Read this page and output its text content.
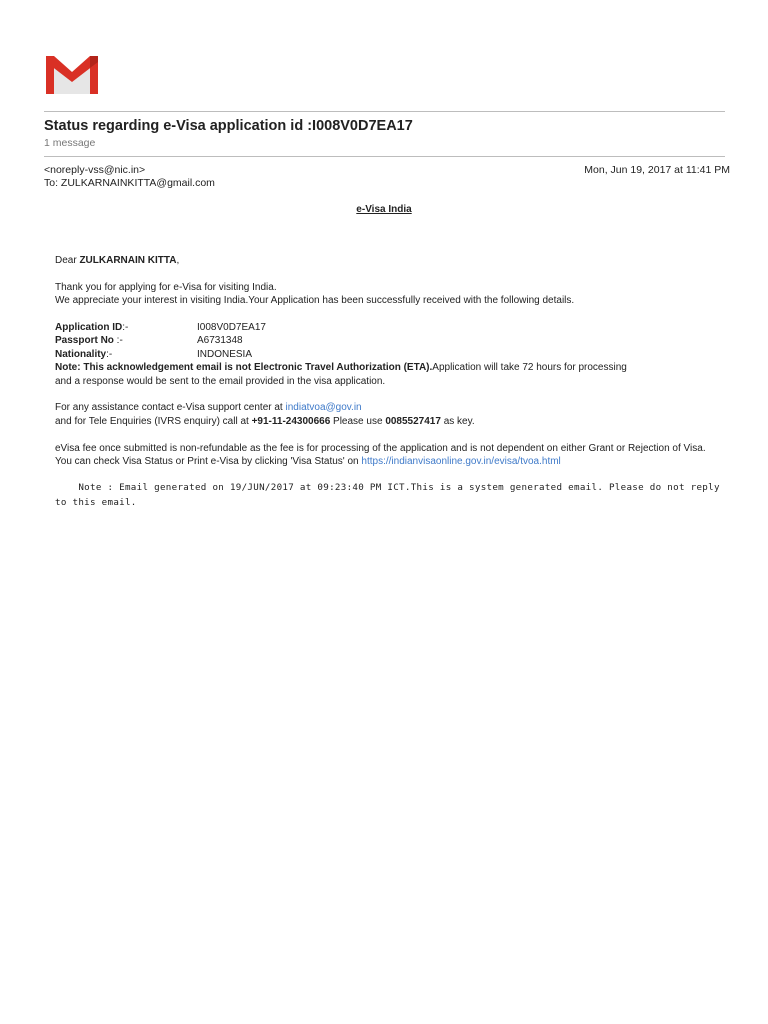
Status regarding e-Visa application id :I008V0D7EA17
1 message
<noreply-vss@nic.in>
To: ZULKARNAINKITTA@gmail.com
Mon, Jun 19, 2017 at 11:41 PM
e-Visa India

Dear ZULKARNAIN KITTA,

Thank you for applying for e-Visa for visiting India.

We appreciate your interest in visiting India.Your Application has been successfully received with the following details.

Application ID:-	I008V0D7EA17
Passport No :-	A6731348
Nationality:-	INDONESIA

Note: This acknowledgement email is not Electronic Travel Authorization (ETA).Application will take 72 hours for processing

and a response would be sent to the email provided in the visa application.

For any assistance contact e-Visa support center at indiatvoa@gov.in

and for Tele Enquiries (IVRS enquiry) call at +91-11-24300666 Please use 0085527417 as key.

eVisa fee once submitted is non-refundable as the fee is for processing of the application and is not dependent on either Grant or Rejection of Visa.

You can check Visa Status or Print e-Visa by clicking 'Visa Status' on https://indianvisaonline.gov.in/evisa/tvoa.html

Note : Email generated on 19/JUN/2017 at 09:23:40 PM ICT.This is a system generated email. Please do not reply to this email.
